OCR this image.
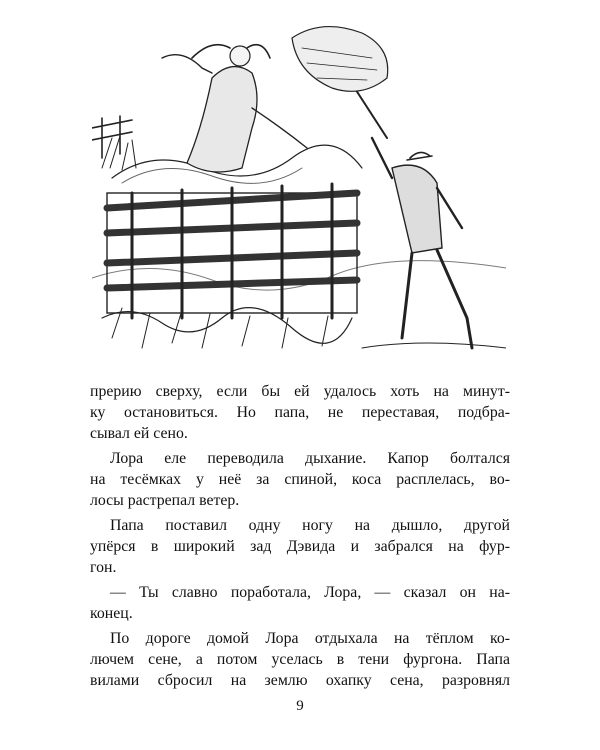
прерию сверху, если бы ей удалось хоть на минут-
ку остановиться. Но папа, не переставая, подбра-
сывал ей сено.

Лора еле переводила дыхание. Капор болтался
на тесёмках у неё за спиной, коса расплелась, во-
лосы растрепал ветер.

Папа поставил одну ногу на дышло, другой
упёрся в широкий зад Дэвида и забрался на фур-
гон.

— Ты славно поработала, Лора, — сказал он на-
конец.

По дороге домой Лора отдыхала на тёплом ко-
лючем сене, а потом уселась в тени фургона. Папа
вилами сбросил на землю охапку сена, разровнял

9
